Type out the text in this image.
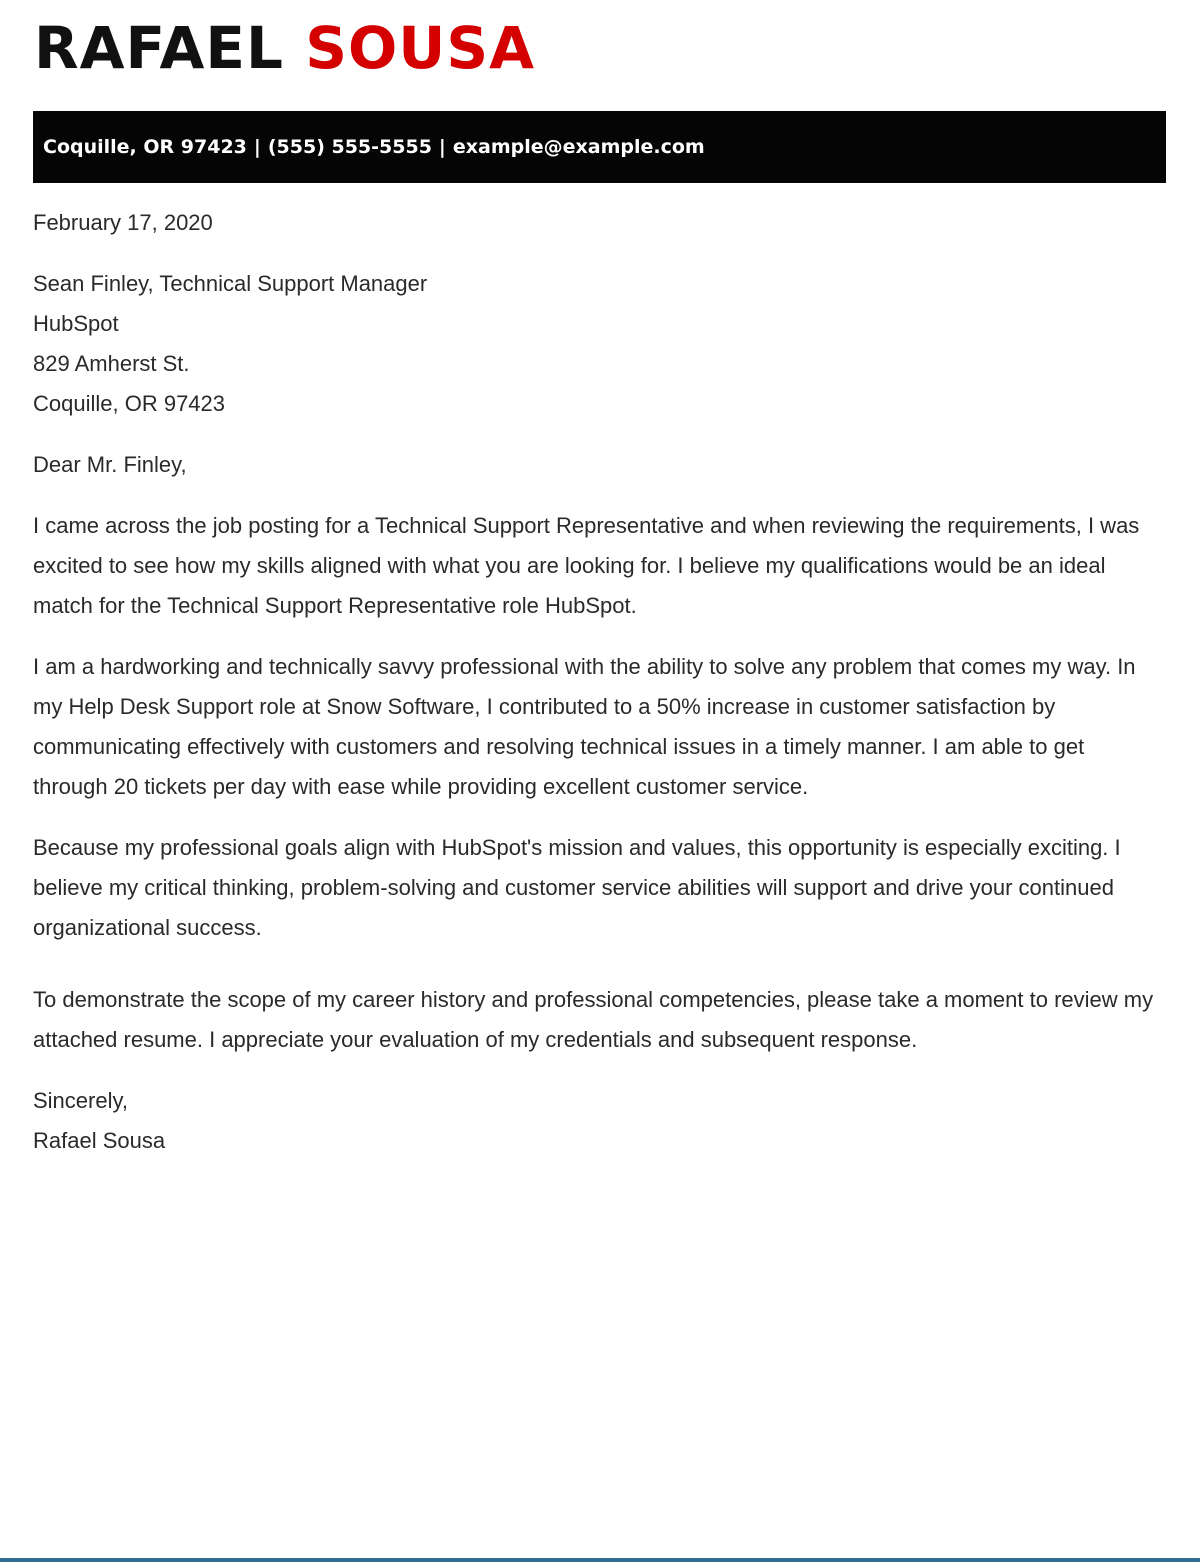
RAFAEL SOUSA
Coquille, OR 97423 | (555) 555-5555 | example@example.com

February 17, 2020

Sean Finley, Technical Support Manager

HubSpot

829 Amherst St.

Coquille, OR 97423

Dear Mr. Finley,

I came across the job posting for a Technical Support Representative and when reviewing the requirements, I was excited to see how my skills aligned with what you are looking for. I believe my qualifications would be an ideal match for the Technical Support Representative role HubSpot.

I am a hardworking and technically savvy professional with the ability to solve any problem that comes my way. In my Help Desk Support role at Snow Software, I contributed to a 50% increase in customer satisfaction by communicating effectively with customers and resolving technical issues in a timely manner. I am able to get through 20 tickets per day with ease while providing excellent customer service.

Because my professional goals align with HubSpot's mission and values, this opportunity is especially exciting. I believe my critical thinking, problem-solving and customer service abilities will support and drive your continued organizational success.

To demonstrate the scope of my career history and professional competencies, please take a moment to review my attached resume. I appreciate your evaluation of my credentials and subsequent response.

Sincerely,

Rafael Sousa
